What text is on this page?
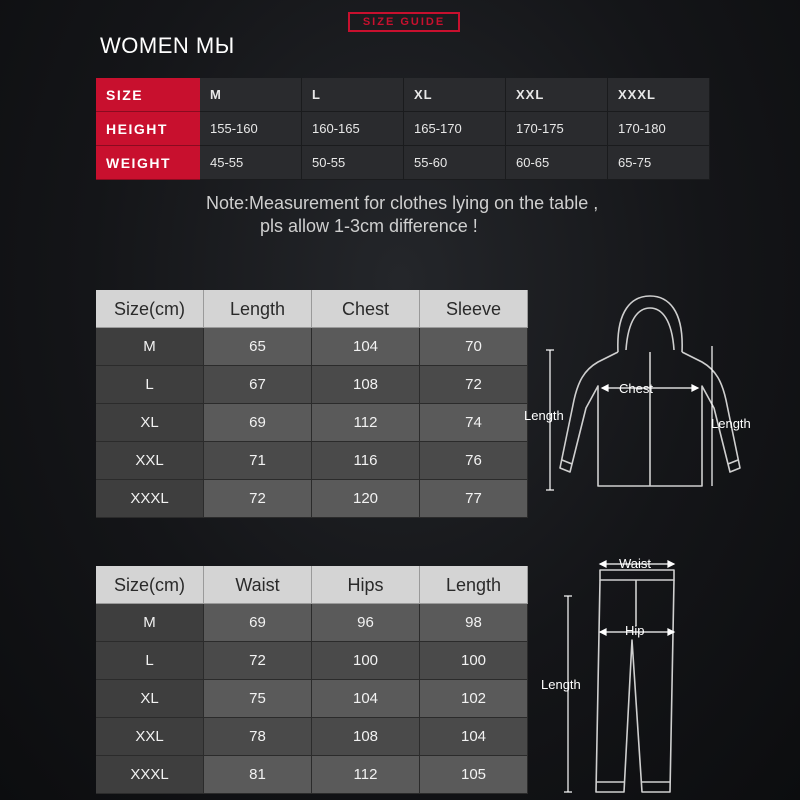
SIZE GUIDE
WOMEN МЫ
SIZE	M	L	XL	XXL	XXXL
HEIGHT	155-160	160-165	165-170	170-175	170-180
WEIGHT	45-55	50-55	55-60	60-65	65-75
Note:Measurement for clothes lying on the table ,
pls allow 1-3cm difference !
Size(cm)	Length	Chest	Sleeve
M	65	104	70
L	67	108	72
XL	69	112	74
XXL	71	116	76
XXXL	72	120	77
Size(cm)	Waist	Hips	Length
M	69	96	98
L	72	100	100
XL	75	104	102
XXL	78	108	104
XXXL	81	112	105
Length
Chest
Length
Waist
Hip
Length
